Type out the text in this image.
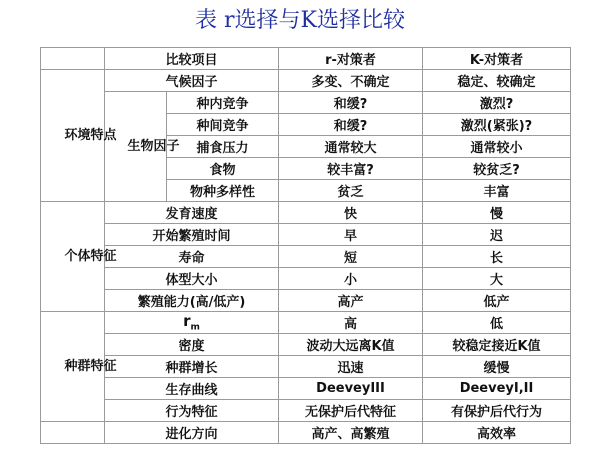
表 r选择与K选择比较
	比较项目		r-对策者	K-对策者
环境特点	气候因子		多变、不确定	稳定、较确定
	生物因子	种内竞争	和缓?	激烈?
		种间竞争	和缓?	激烈(紧张)?
		捕食压力	通常较大	通常较小
		食物	较丰富?	较贫乏?
		物种多样性	贫乏	丰富
个体特征	发育速度		快	慢
	开始繁殖时间		早	迟
	寿命		短	长
	体型大小		小	大
	繁殖能力(高/低产)		高产	低产
种群特征	$r_m$		高	低
	密度		波动大远离K值	较稳定接近K值
	种群增长		迅速	缓慢
	生存曲线		DeeveyIII	DeeveyI,II
	行为特征		无保护后代特征	有保护后代行为
	进化方向		高产、高繁殖	高效率
